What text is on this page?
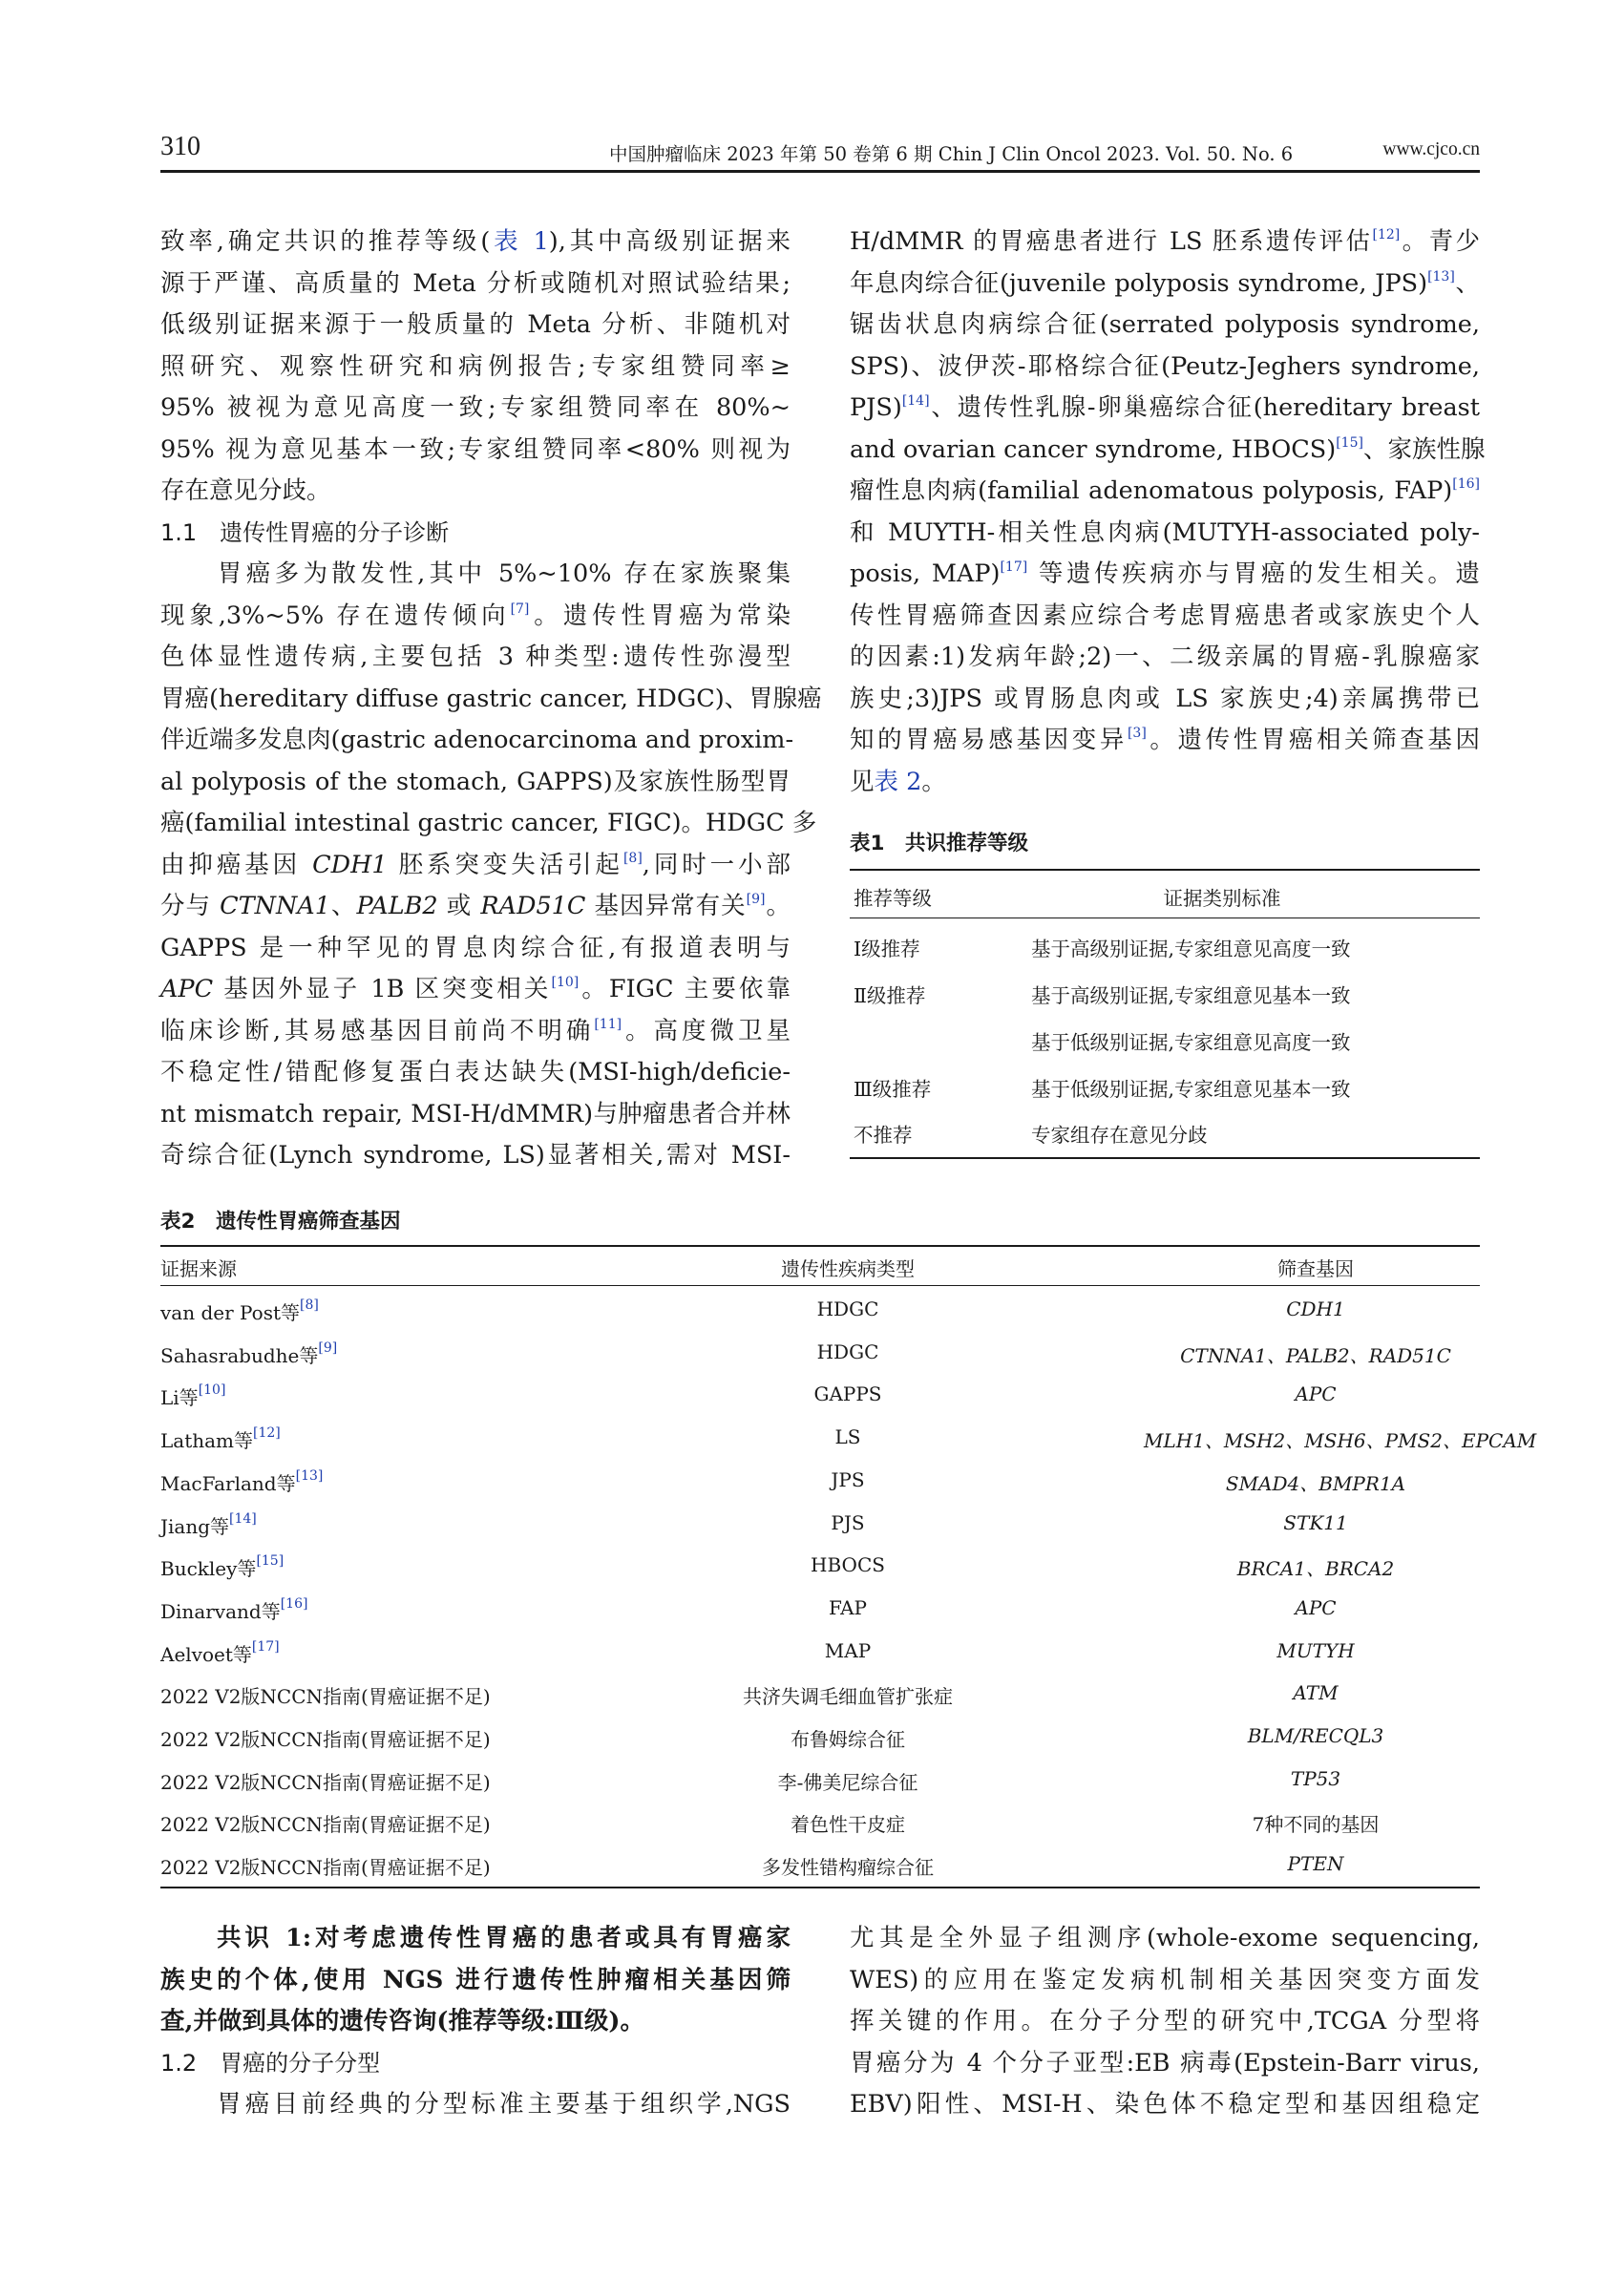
310	中国肿瘤临床 2023 年第 50 卷第 6 期 Chin J Clin Oncol 2023. Vol. 50. No. 6	www.cjco.cn
致率,确定共识的推荐等级(表 1),其中高级别证据来
源于严谨、高质量的 Meta 分析或随机对照试验结果;
低级别证据来源于一般质量的 Meta 分析、非随机对
照研究、观察性研究和病例报告;专家组赞同率≥
95% 被视为意见高度一致;专家组赞同率在 80%~
95% 视为意见基本一致;专家组赞同率<80% 则视为
存在意见分歧。
1.1　遗传性胃癌的分子诊断
　　胃癌多为散发性,其中 5%~10% 存在家族聚集
现象,3%~5% 存在遗传倾向[7]。遗传性胃癌为常染
色体显性遗传病,主要包括 3 种类型:遗传性弥漫型
胃癌(hereditary diffuse gastric cancer, HDGC)、胃腺癌
伴近端多发息肉(gastric adenocarcinoma and proxim-
al polyposis of the stomach, GAPPS)及家族性肠型胃
癌(familial intestinal gastric cancer, FIGC)。HDGC 多
由抑癌基因 CDH1 胚系突变失活引起[8],同时一小部
分与 CTNNA1、PALB2 或 RAD51C 基因异常有关[9]。
GAPPS 是一种罕见的胃息肉综合征,有报道表明与
APC 基因外显子 1B 区突变相关[10]。FIGC 主要依靠
临床诊断,其易感基因目前尚不明确[11]。高度微卫星
不稳定性/错配修复蛋白表达缺失(MSI-high/deficie-
nt mismatch repair, MSI-H/dMMR)与肿瘤患者合并林
奇综合征(Lynch syndrome, LS)显著相关,需对 MSI-
H/dMMR 的胃癌患者进行 LS 胚系遗传评估[12]。青少
年息肉综合征(juvenile polyposis syndrome, JPS)[13]、
锯齿状息肉病综合征(serrated polyposis syndrome,
SPS)、波伊茨-耶格综合征(Peutz-Jeghers syndrome,
PJS)[14]、遗传性乳腺-卵巢癌综合征(hereditary breast
and ovarian cancer syndrome, HBOCS)[15]、家族性腺
瘤性息肉病(familial adenomatous polyposis, FAP)[16]
和 MUYTH-相关性息肉病(MUTYH-associated poly-
posis, MAP)[17] 等遗传疾病亦与胃癌的发生相关。遗
传性胃癌筛查因素应综合考虑胃癌患者或家族史个人
的因素:1)发病年龄;2)一、二级亲属的胃癌-乳腺癌家
族史;3)JPS 或胃肠息肉或 LS 家族史;4)亲属携带已
知的胃癌易感基因变异[3]。遗传性胃癌相关筛查基因
见表 2。
表1　共识推荐等级
推荐等级	证据类别标准
Ⅰ级推荐	基于高级别证据,专家组意见高度一致
Ⅱ级推荐	基于高级别证据,专家组意见基本一致
基于低级别证据,专家组意见高度一致
Ⅲ级推荐	基于低级别证据,专家组意见基本一致
不推荐	专家组存在意见分歧
表2　遗传性胃癌筛查基因
证据来源	遗传性疾病类型	筛查基因
van der Post等[8]	HDGC	CDH1
Sahasrabudhe等[9]	HDGC	CTNNA1、PALB2、RAD51C
Li等[10]	GAPPS	APC
Latham等[12]	LS	MLH1、MSH2、MSH6、PMS2、EPCAM
MacFarland等[13]	JPS	SMAD4、BMPR1A
Jiang等[14]	PJS	STK11
Buckley等[15]	HBOCS	BRCA1、BRCA2
Dinarvand等[16]	FAP	APC
Aelvoet等[17]	MAP	MUTYH
2022 V2版NCCN指南(胃癌证据不足)	共济失调毛细血管扩张症	ATM
2022 V2版NCCN指南(胃癌证据不足)	布鲁姆综合征	BLM/RECQL3
2022 V2版NCCN指南(胃癌证据不足)	李-佛美尼综合征	TP53
2022 V2版NCCN指南(胃癌证据不足)	着色性干皮症	7种不同的基因
2022 V2版NCCN指南(胃癌证据不足)	多发性错构瘤综合征	PTEN
　　共识 1:对考虑遗传性胃癌的患者或具有胃癌家
族史的个体,使用 NGS 进行遗传性肿瘤相关基因筛
查,并做到具体的遗传咨询(推荐等级:Ⅲ级)。
1.2　胃癌的分子分型
　　胃癌目前经典的分型标准主要基于组织学,NGS
尤其是全外显子组测序(whole-exome sequencing,
WES)的应用在鉴定发病机制相关基因突变方面发
挥关键的作用。在分子分型的研究中,TCGA 分型将
胃癌分为 4 个分子亚型:EB 病毒(Epstein-Barr virus,
EBV)阳性、MSI-H、染色体不稳定型和基因组稳定
